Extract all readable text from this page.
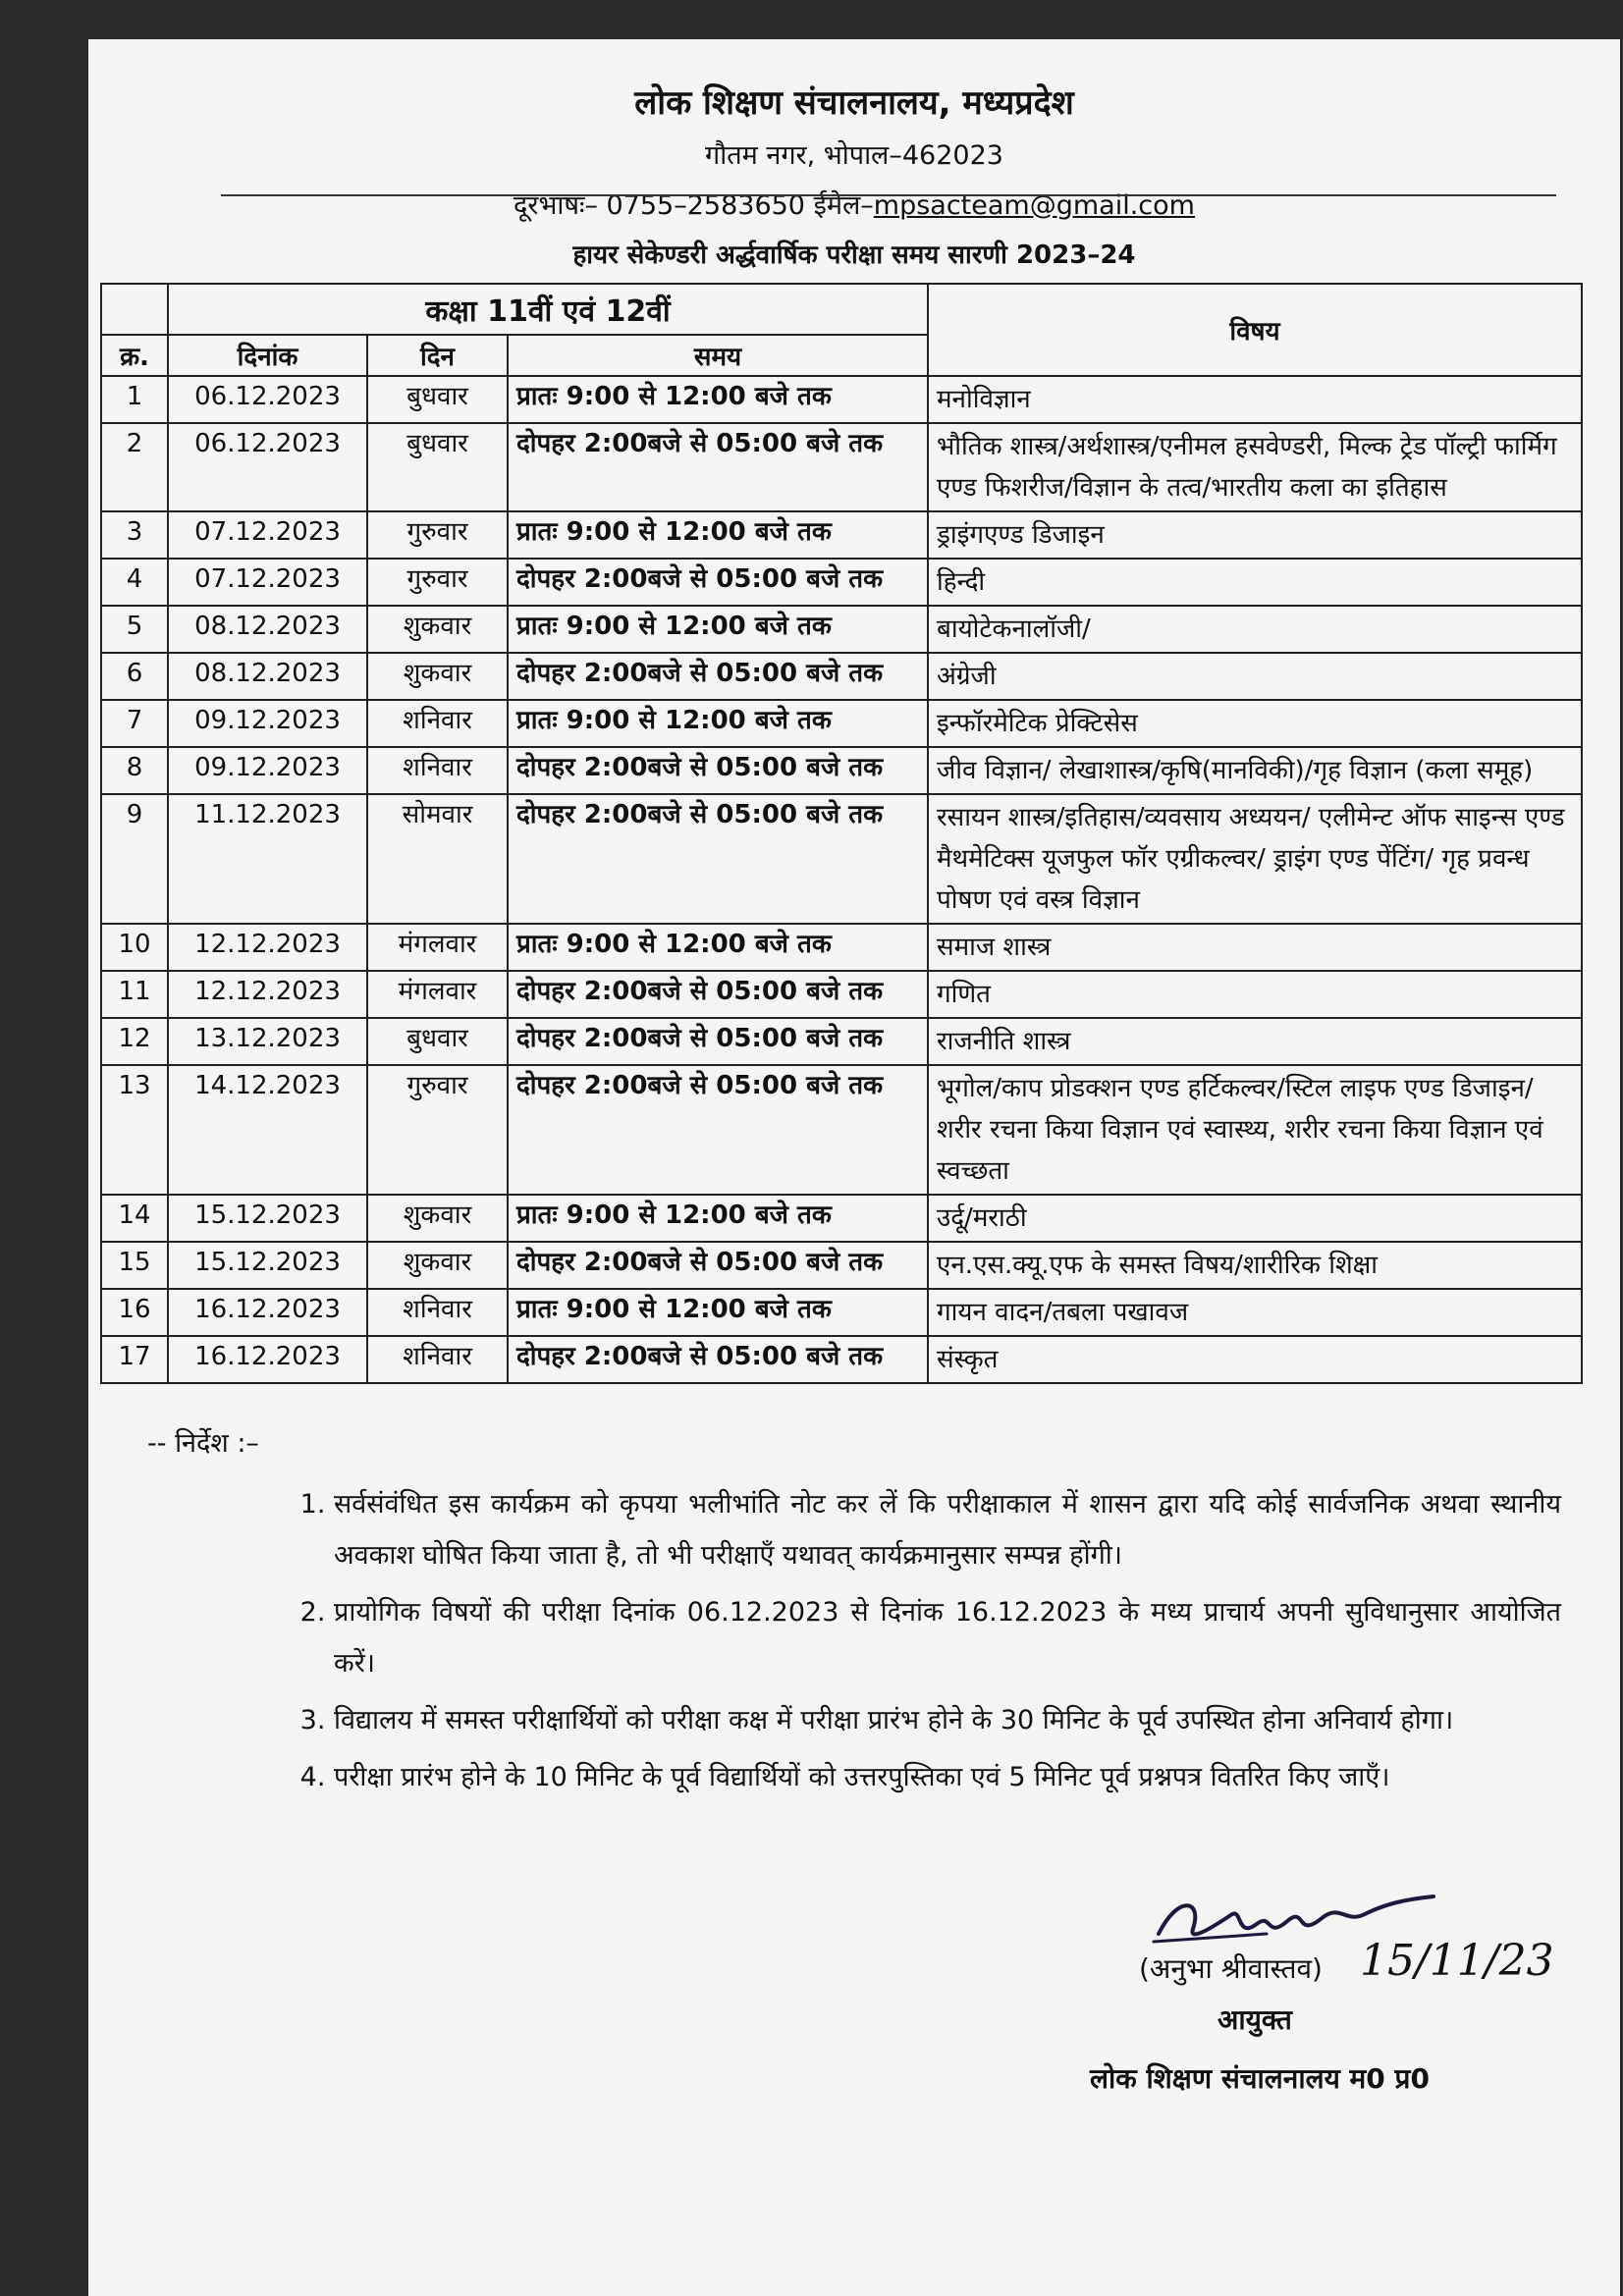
लोक शिक्षण संचालनालय, मध्यप्रदेश
गौतम नगर, भोपाल–462023
दूरभाषः– 0755–2583650 ईमेल–mpsacteam@gmail.com
हायर सेकेण्डरी अर्द्धवार्षिक परीक्षा समय सारणी 2023–24
	कक्षा 11वीं एवं 12वीं			विषय
क्र.	दिनांक	दिन	समय	
1	06.12.2023	बुधवार	प्रातः 9:00 से 12:00 बजे तक	मनोविज्ञान
2	06.12.2023	बुधवार	दोपहर 2:00बजे से 05:00 बजे तक	भौतिक शास्त्र/अर्थशास्त्र/एनीमल हसवेण्डरी, मिल्क ट्रेड पॉल्ट्री फार्मिग एण्ड फिशरीज/विज्ञान के तत्व/भारतीय कला का इतिहास
3	07.12.2023	गुरुवार	प्रातः 9:00 से 12:00 बजे तक	ड्राइंगएण्ड डिजाइन
4	07.12.2023	गुरुवार	दोपहर 2:00बजे से 05:00 बजे तक	हिन्दी
5	08.12.2023	शुकवार	प्रातः 9:00 से 12:00 बजे तक	बायोटेकनालॉजी/
6	08.12.2023	शुकवार	दोपहर 2:00बजे से 05:00 बजे तक	अंग्रेजी
7	09.12.2023	शनिवार	प्रातः 9:00 से 12:00 बजे तक	इन्फॉरमेटिक प्रेक्टिसेस
8	09.12.2023	शनिवार	दोपहर 2:00बजे से 05:00 बजे तक	जीव विज्ञान/ लेखाशास्त्र/कृषि(मानविकी)/गृह विज्ञान (कला समूह)
9	11.12.2023	सोमवार	दोपहर 2:00बजे से 05:00 बजे तक	रसायन शास्त्र/इतिहास/व्यवसाय अध्ययन/ एलीमेन्ट ऑफ साइन्स एण्ड मैथमेटिक्स यूजफुल फॉर एग्रीकल्वर/ ड्राइंग एण्ड पेंटिंग/ गृह प्रवन्ध पोषण एवं वस्त्र विज्ञान
10	12.12.2023	मंगलवार	प्रातः 9:00 से 12:00 बजे तक	समाज शास्त्र
11	12.12.2023	मंगलवार	दोपहर 2:00बजे से 05:00 बजे तक	गणित
12	13.12.2023	बुधवार	दोपहर 2:00बजे से 05:00 बजे तक	राजनीति शास्त्र
13	14.12.2023	गुरुवार	दोपहर 2:00बजे से 05:00 बजे तक	भूगोल/काप प्रोडक्शन एण्ड हर्टिकल्वर/स्टिल लाइफ एण्ड डिजाइन/शरीर रचना किया विज्ञान एवं स्वास्थ्य, शरीर रचना किया विज्ञान एवं स्वच्छता
14	15.12.2023	शुकवार	प्रातः 9:00 से 12:00 बजे तक	उर्दू/मराठी
15	15.12.2023	शुकवार	दोपहर 2:00बजे से 05:00 बजे तक	एन.एस.क्यू.एफ के समस्त विषय/शारीरिक शिक्षा
16	16.12.2023	शनिवार	प्रातः 9:00 से 12:00 बजे तक	गायन वादन/तबला पखावज
17	16.12.2023	शनिवार	दोपहर 2:00बजे से 05:00 बजे तक	संस्कृत
-- निर्देश :–
1. सर्वसंवंधित इस कार्यक्रम को कृपया भलीभांति नोट कर लें कि परीक्षाकाल में शासन द्वारा यदि कोई सार्वजनिक अथवा स्थानीय अवकाश घोषित किया जाता है, तो भी परीक्षाएँ यथावत् कार्यक्रमानुसार सम्पन्न होंगी।
2. प्रायोगिक विषयों की परीक्षा दिनांक 06.12.2023 से दिनांक 16.12.2023 के मध्य प्राचार्य अपनी सुविधानुसार आयोजित करें।
3. विद्यालय में समस्त परीक्षार्थियों को परीक्षा कक्ष में परीक्षा प्रारंभ होने के 30 मिनिट के पूर्व उपस्थित होना अनिवार्य होगा।
4. परीक्षा प्रारंभ होने के 10 मिनिट के पूर्व विद्यार्थियों को उत्तरपुस्तिका एवं 5 मिनिट पूर्व प्रश्नपत्र वितरित किए जाएँ।
(अनुभा श्रीवास्तव) 15/11/23
आयुक्त
लोक शिक्षण संचालनालय म0 प्र0
